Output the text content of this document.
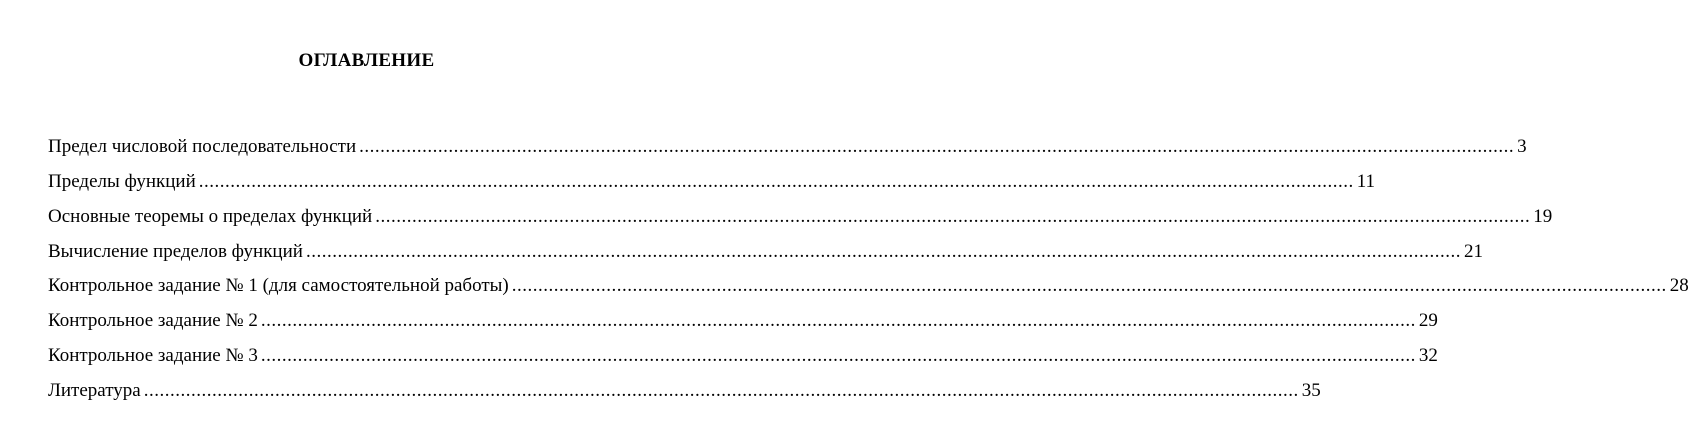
ОГЛАВЛЕНИЕ
Предел числовой последовательности ............................................................................................................................................................................................................................ 3
Пределы функций ............................................................................................................................................................................................................................ 11
Основные теоремы о пределах функций ............................................................................................................................................................................................................................ 19
Вычисление пределов функций ............................................................................................................................................................................................................................ 21
Контрольное задание № 1 (для самостоятельной работы) ............................................................................................................................................................................................................................ 28
Контрольное задание № 2 ............................................................................................................................................................................................................................ 29
Контрольное задание № 3 ............................................................................................................................................................................................................................ 32
Литература ............................................................................................................................................................................................................................ 35
